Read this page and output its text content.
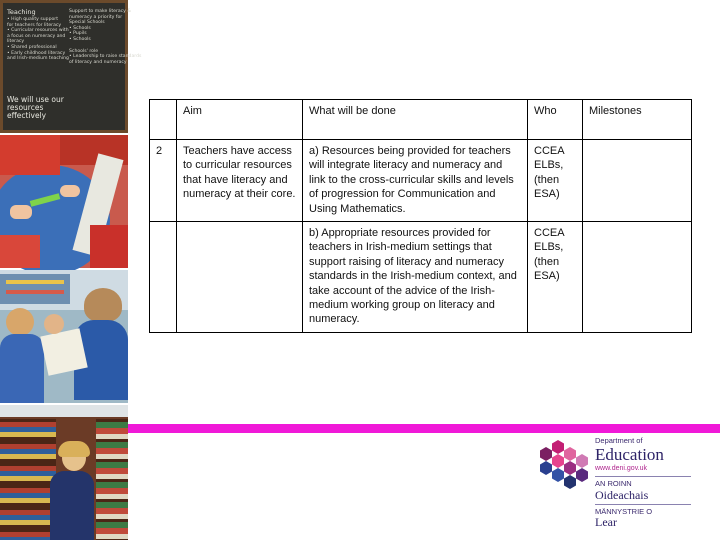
Teaching
• High quality support
for teachers for literacy
• Curricular resources with
a focus on numeracy and
literacy
• Shared professional
• Early childhood literacy
and Irish-medium teaching
Support to make literacy &
numeracy a priority for
Special Schools
• Schools
• Pupils
• Schools
Schools' role
• Leadership to raise standards
of literacy and numeracy
We will use our resources effectively
		Aim	What will be done	Who	Milestones
2	Teachers have access to curricular resources that have literacy and numeracy at their core.	a) Resources being provided for teachers will integrate literacy and numeracy and link to the cross-curricular skills and levels of progression for Communication and Using Mathematics.	CCEA ELBs, (then ESA)	
		b) Appropriate resources provided for teachers in Irish-medium settings that support raising of literacy and numeracy standards in the Irish-medium context, and take account of the advice of the Irish-medium working group on literacy and numeracy.	CCEA ELBs, (then ESA)	
Department of
Education
www.deni.gov.uk
AN ROINN
Oideachais
MÄNNYSTRIE O
Lear
